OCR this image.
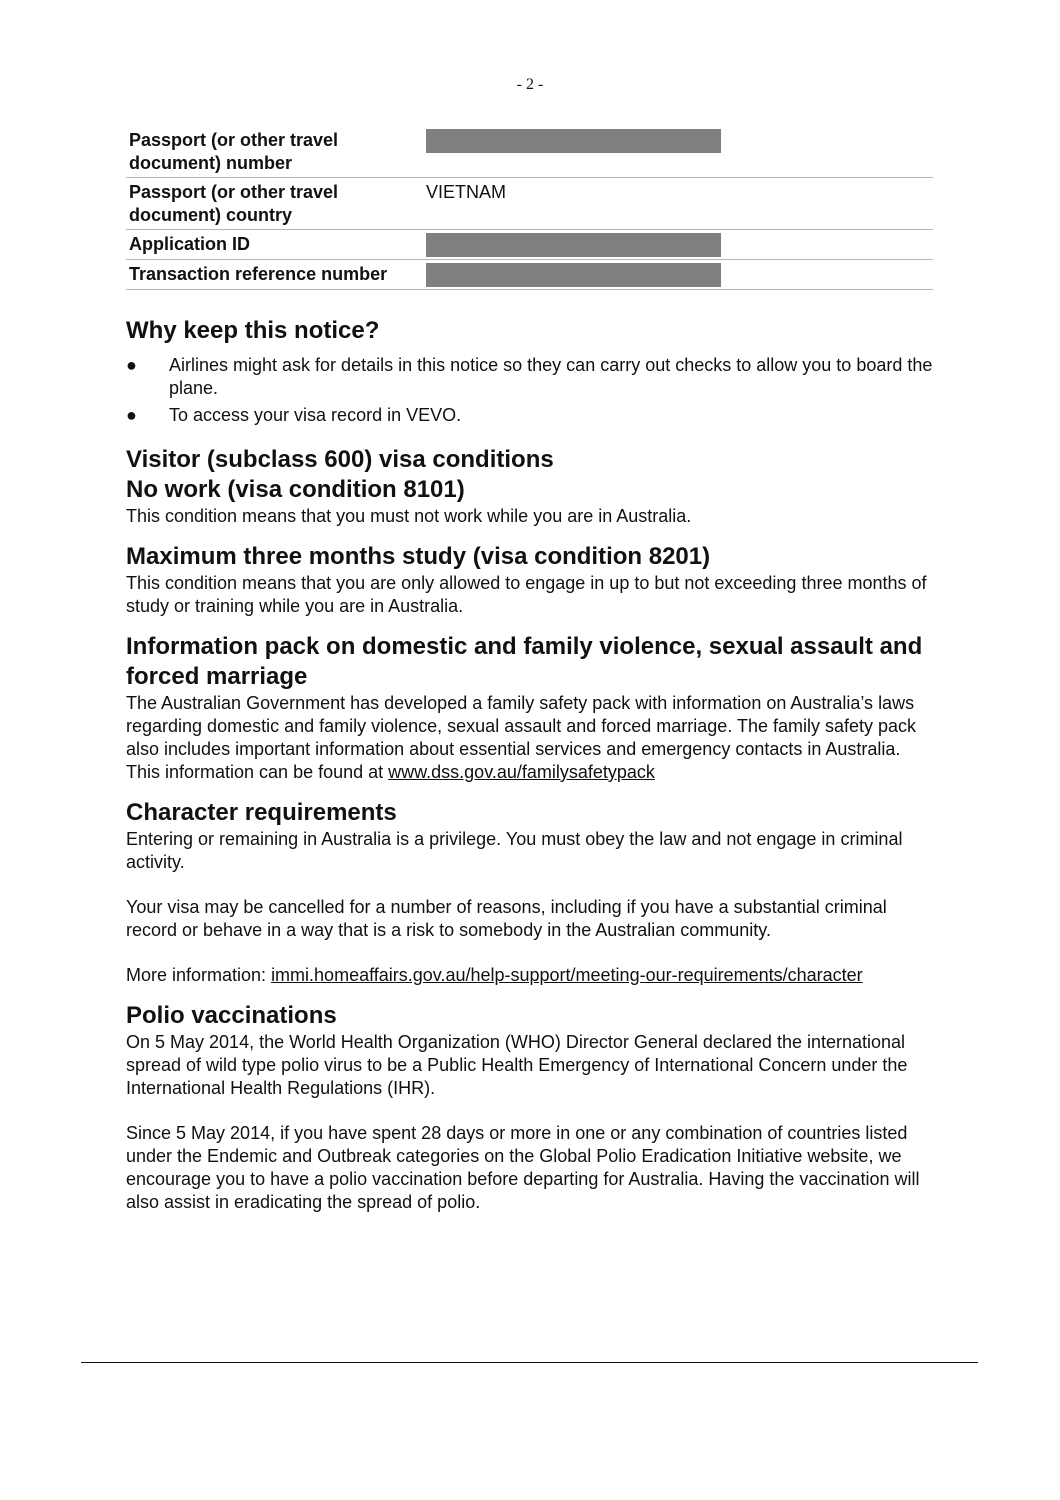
- 2 -
Passport (or other travel document) number	

Passport (or other travel document) country	VIETNAM
Application ID	

Transaction reference number	
Why keep this notice?
● Airlines might ask for details in this notice so they can carry out checks to allow you to board the plane.
● To access your visa record in VEVO.
Visitor (subclass 600) visa conditions
No work (visa condition 8101)

This condition means that you must not work while you are in Australia.

Maximum three months study (visa condition 8201)

This condition means that you are only allowed to engage in up to but not exceeding three months of study or training while you are in Australia.

Information pack on domestic and family violence, sexual assault and forced marriage

The Australian Government has developed a family safety pack with information on Australia’s laws regarding domestic and family violence, sexual assault and forced marriage. The family safety pack also includes important information about essential services and emergency contacts in Australia. This information can be found at www.dss.gov.au/familysafetypack

Character requirements

Entering or remaining in Australia is a privilege. You must obey the law and not engage in criminal activity.

Your visa may be cancelled for a number of reasons, including if you have a substantial criminal record or behave in a way that is a risk to somebody in the Australian community.

More information: immi.homeaffairs.gov.au/help-support/meeting-our-requirements/character

Polio vaccinations

On 5 May 2014, the World Health Organization (WHO) Director General declared the international spread of wild type polio virus to be a Public Health Emergency of International Concern under the International Health Regulations (IHR).

Since 5 May 2014, if you have spent 28 days or more in one or any combination of countries listed under the Endemic and Outbreak categories on the Global Polio Eradication Initiative website, we encourage you to have a polio vaccination before departing for Australia. Having the vaccination will also assist in eradicating the spread of polio.
